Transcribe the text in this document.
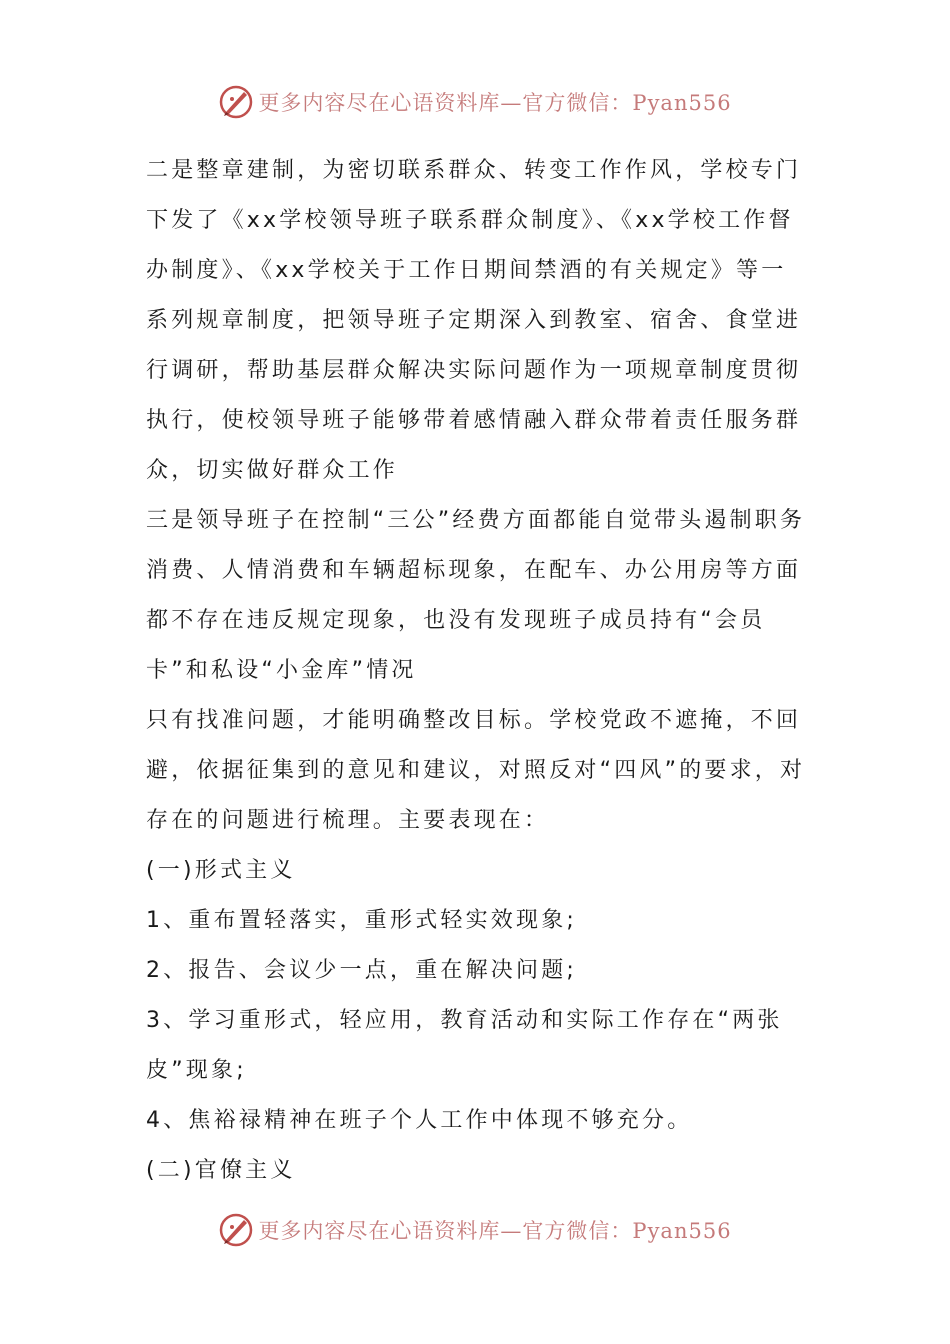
更多内容尽在心语资料库—官方微信：Pyan556

二是整章建制，为密切联系群众、转变工作作风，学校专门下发了《xx学校领导班子联系群众制度》、《xx学校工作督办制度》、《xx学校关于工作日期间禁酒的有关规定》等一系列规章制度，把领导班子定期深入到教室、宿舍、食堂进行调研，帮助基层群众解决实际问题作为一项规章制度贯彻执行，使校领导班子能够带着感情融入群众带着责任服务群众，切实做好群众工作

三是领导班子在控制“三公”经费方面都能自觉带头遏制职务消费、人情消费和车辆超标现象，在配车、办公用房等方面都不存在违反规定现象，也没有发现班子成员持有“会员卡”和私设“小金库”情况

只有找准问题，才能明确整改目标。学校党政不遮掩，不回避，依据征集到的意见和建议，对照反对“四风”的要求，对存在的问题进行梳理。主要表现在：

(一)形式主义

1、重布置轻落实，重形式轻实效现象;

2、报告、会议少一点，重在解决问题;

3、学习重形式，轻应用，教育活动和实际工作存在“两张皮”现象;

4、焦裕禄精神在班子个人工作中体现不够充分。

(二)官僚主义

更多内容尽在心语资料库—官方微信：Pyan556
